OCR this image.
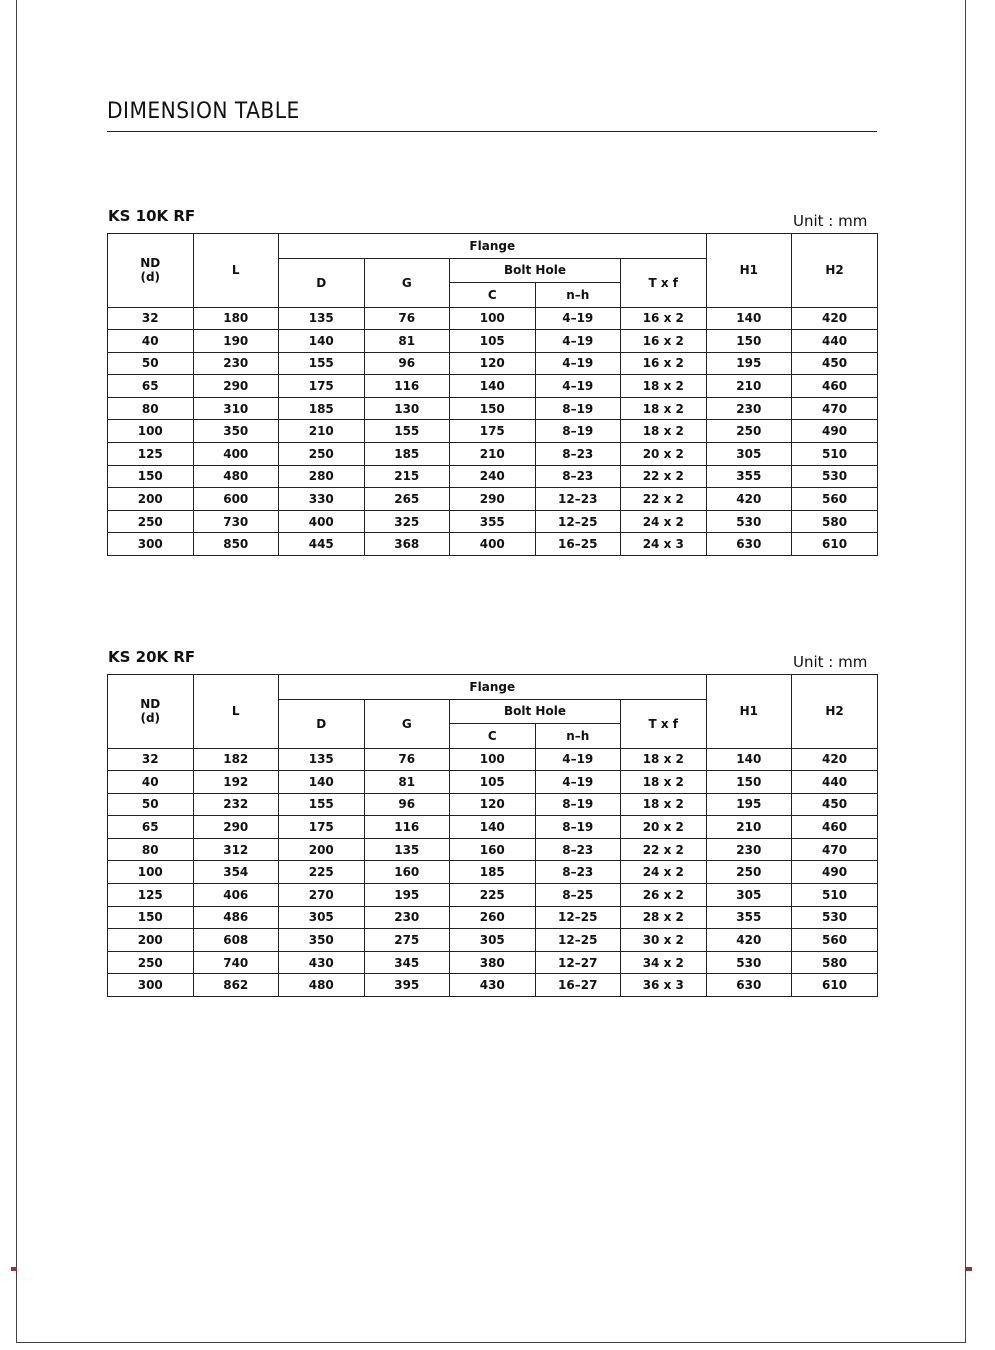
DIMENSION TABLE
KS 10K RF	Unit : mm
ND
(d)	L	Flange					H1	H2
		D	G	Bolt Hole		T x f		
				C	n–h			
32	180	135	76	100	4–19	16 x 2	140	420
40	190	140	81	105	4–19	16 x 2	150	440
50	230	155	96	120	4–19	16 x 2	195	450
65	290	175	116	140	4–19	18 x 2	210	460
80	310	185	130	150	8–19	18 x 2	230	470
100	350	210	155	175	8–19	18 x 2	250	490
125	400	250	185	210	8–23	20 x 2	305	510
150	480	280	215	240	8–23	22 x 2	355	530
200	600	330	265	290	12–23	22 x 2	420	560
250	730	400	325	355	12–25	24 x 2	530	580
300	850	445	368	400	16–25	24 x 3	630	610
KS 20K RF	Unit : mm
ND
(d)	L	Flange					H1	H2
		D	G	Bolt Hole		T x f		
				C	n–h			
32	182	135	76	100	4–19	18 x 2	140	420
40	192	140	81	105	4–19	18 x 2	150	440
50	232	155	96	120	8–19	18 x 2	195	450
65	290	175	116	140	8–19	20 x 2	210	460
80	312	200	135	160	8–23	22 x 2	230	470
100	354	225	160	185	8–23	24 x 2	250	490
125	406	270	195	225	8–25	26 x 2	305	510
150	486	305	230	260	12–25	28 x 2	355	530
200	608	350	275	305	12–25	30 x 2	420	560
250	740	430	345	380	12–27	34 x 2	530	580
300	862	480	395	430	16–27	36 x 3	630	610
